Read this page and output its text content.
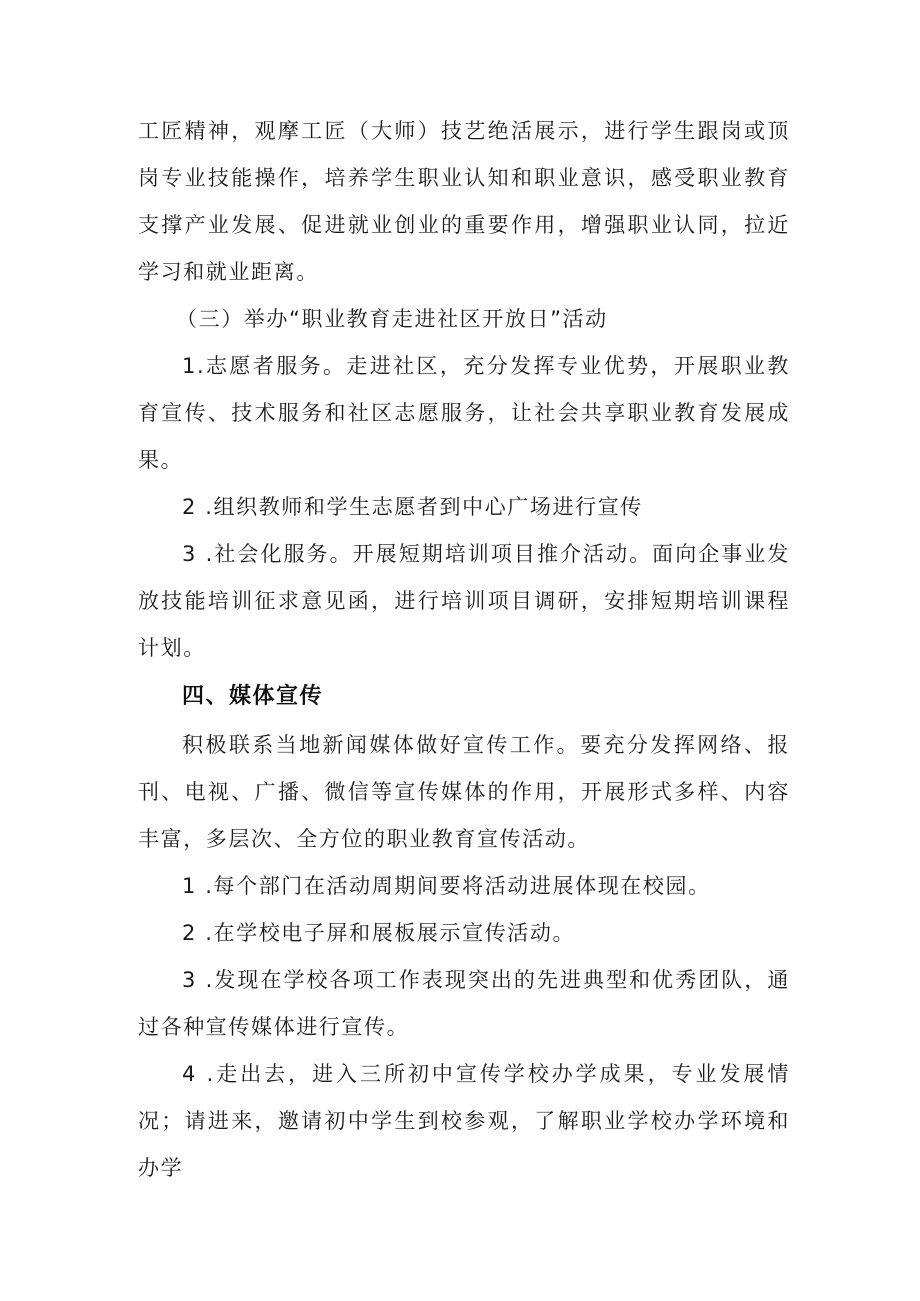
工匠精神，观摩工匠（大师）技艺绝活展示，进行学生跟岗或顶岗专业技能操作，培养学生职业认知和职业意识，感受职业教育支撑产业发展、促进就业创业的重要作用，增强职业认同，拉近学习和就业距离。

（三）举办“职业教育走进社区开放日”活动

1.志愿者服务。走进社区，充分发挥专业优势，开展职业教育宣传、技术服务和社区志愿服务，让社会共享职业教育发展成果。

2 .组织教师和学生志愿者到中心广场进行宣传

3 .社会化服务。开展短期培训项目推介活动。面向企事业发放技能培训征求意见函，进行培训项目调研，安排短期培训课程计划。

四、媒体宣传

积极联系当地新闻媒体做好宣传工作。要充分发挥网络、报刊、电视、广播、微信等宣传媒体的作用，开展形式多样、内容丰富，多层次、全方位的职业教育宣传活动。

1 .每个部门在活动周期间要将活动进展体现在校园。

2 .在学校电子屏和展板展示宣传活动。

3 .发现在学校各项工作表现突出的先进典型和优秀团队，通过各种宣传媒体进行宣传。

4 .走出去，进入三所初中宣传学校办学成果，专业发展情况；请进来，邀请初中学生到校参观，了解职业学校办学环境和办学
